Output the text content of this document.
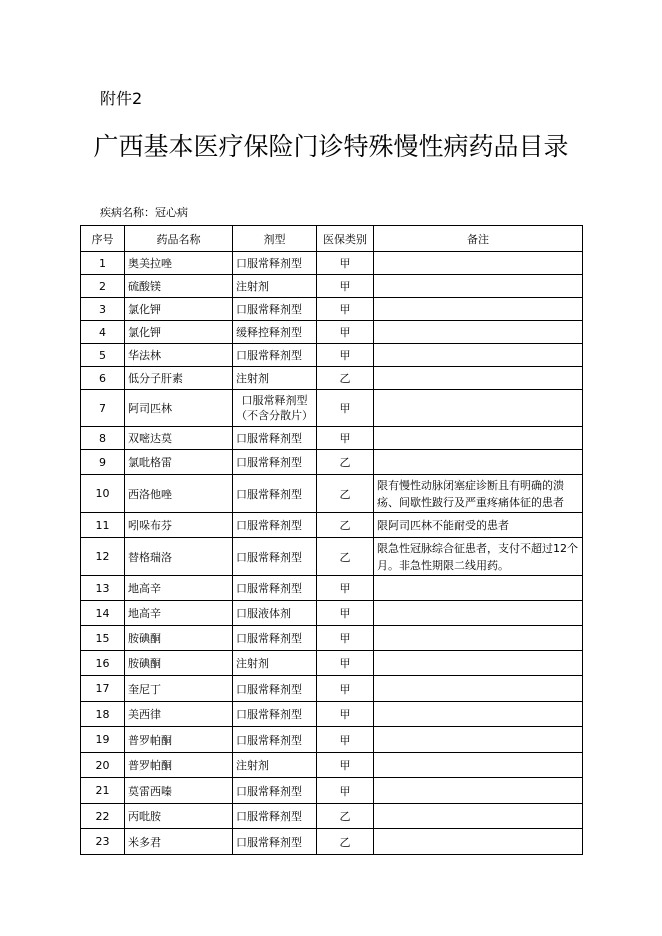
附件2
广西基本医疗保险门诊特殊慢性病药品目录
疾病名称：冠心病
序号	药品名称	剂型	医保类别	备注
1	奥美拉唑	口服常释剂型	甲	
2	硫酸镁	注射剂	甲	
3	氯化钾	口服常释剂型	甲	
4	氯化钾	缓释控释剂型	甲	
5	华法林	口服常释剂型	甲	
6	低分子肝素	注射剂	乙	
7	阿司匹林	口服常释剂型（不含分散片）	甲	
8	双嘧达莫	口服常释剂型	甲	
9	氯吡格雷	口服常释剂型	乙	
10	西洛他唑	口服常释剂型	乙	限有慢性动脉闭塞症诊断且有明确的溃疡、间歇性跛行及严重疼痛体征的患者
11	吲哚布芬	口服常释剂型	乙	限阿司匹林不能耐受的患者
12	替格瑞洛	口服常释剂型	乙	限急性冠脉综合征患者，支付不超过12个月。非急性期限二线用药。
13	地高辛	口服常释剂型	甲	
14	地高辛	口服液体剂	甲	
15	胺碘酮	口服常释剂型	甲	
16	胺碘酮	注射剂	甲	
17	奎尼丁	口服常释剂型	甲	
18	美西律	口服常释剂型	甲	
19	普罗帕酮	口服常释剂型	甲	
20	普罗帕酮	注射剂	甲	
21	莫雷西嗪	口服常释剂型	甲	
22	丙吡胺	口服常释剂型	乙	
23	米多君	口服常释剂型	乙	
